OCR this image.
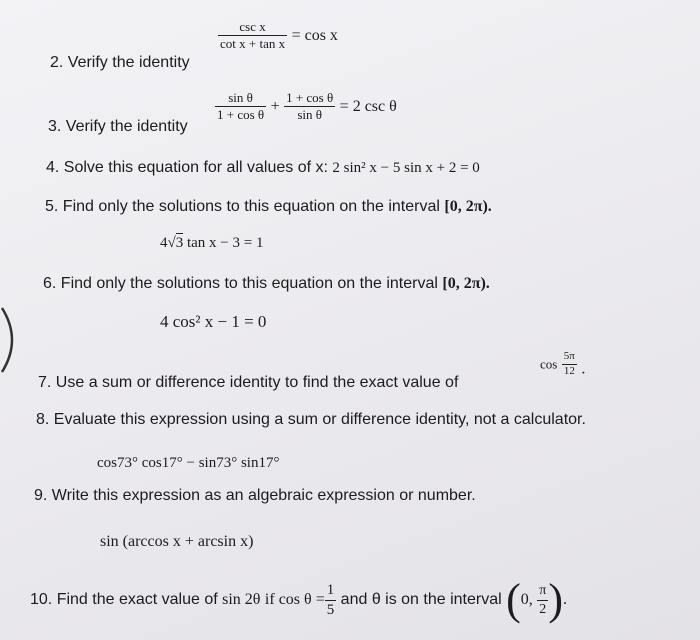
$\frac{\text{csc x}}{\text{cot x + tan x}} = \cos x$
2. Verify the identity
$\frac{\text{sin θ}}{\text{1 + cos θ}} + \frac{\text{1 + cos θ}}{\text{sin θ}} = 2$ csc θ
3. Verify the identity
4. Solve this equation for all values of x: 2 sin² x − 5 sin x + 2 = 0
5. Find only the solutions to this equation on the interval [0, 2π).
4√3 tan x − 3 = 1
6. Find only the solutions to this equation on the interval [0, 2π).
4 cos² x − 1 = 0
7. Use a sum or difference identity to find the exact value of
$\cos \frac{5\pi}{12}$ .
8. Evaluate this expression using a sum or difference identity, not a calculator.
cos73° cos17° − sin73° sin17°
9. Write this expression as an algebraic expression or number.
sin (arccos x + arcsin x)
10. Find the exact value of sin 2θ if $\cos \theta = \frac{1}{5}$ and θ is on the interval (0, $\frac{\pi}{2}$ ).
